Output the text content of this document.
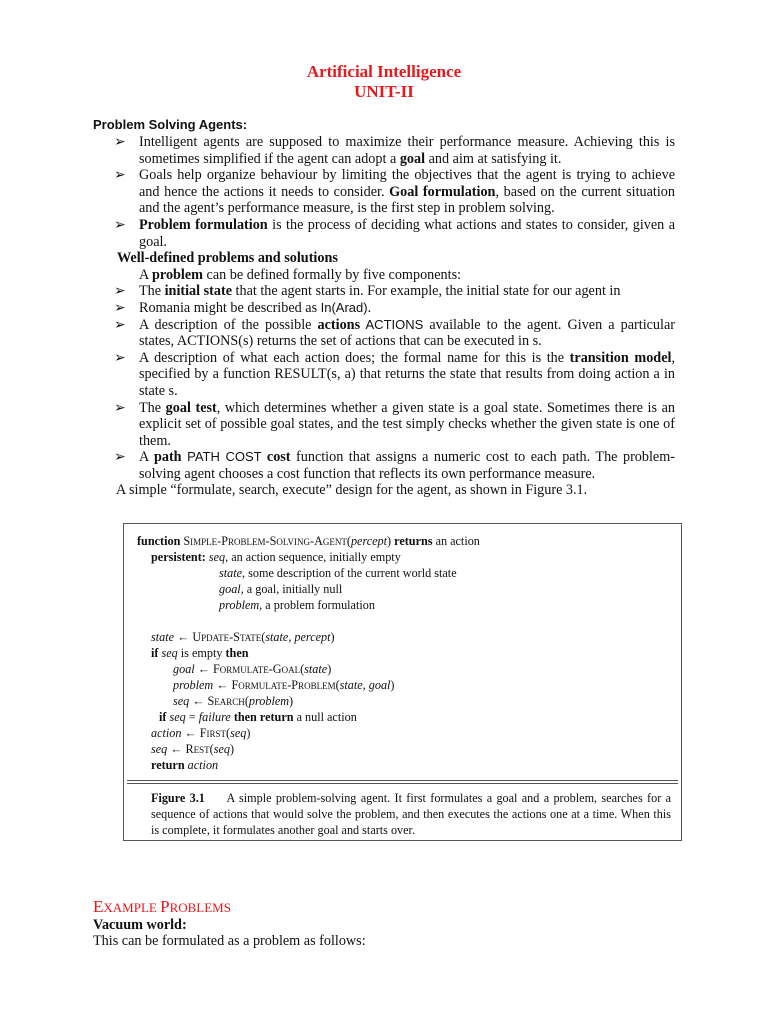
Artificial Intelligence
UNIT-II
Problem Solving Agents:
➢ Intelligent agents are supposed to maximize their performance measure. Achieving this is sometimes simplified if the agent can adopt a goal and aim at satisfying it.
➢ Goals help organize behaviour by limiting the objectives that the agent is trying to achieve and hence the actions it needs to consider. Goal formulation, based on the current situation and the agent’s performance measure, is the first step in problem solving.
➢ Problem formulation is the process of deciding what actions and states to consider, given a goal.
Well-defined problems and solutions
A problem can be defined formally by five components:
➢ The initial state that the agent starts in. For example, the initial state for our agent in
➢ Romania might be described as In(Arad).
➢ A description of the possible actions ACTIONS available to the agent. Given a particular states, ACTIONS(s) returns the set of actions that can be executed in s.
➢ A description of what each action does; the formal name for this is the transition model, specified by a function RESULT(s, a) that returns the state that results from doing action a in state s.
➢ The goal test, which determines whether a given state is a goal state. Sometimes there is an explicit set of possible goal states, and the test simply checks whether the given state is one of them.
➢ A path PATH COST cost function that assigns a numeric cost to each path. The problem-solving agent chooses a cost function that reflects its own performance measure.
A simple “formulate, search, execute” design for the agent, as shown in Figure 3.1.
function Simple-Problem-Solving-Agent(percept) returns an action
persistent: seq, an action sequence, initially empty
state, some description of the current world state
goal, a goal, initially null
problem, a problem formulation
state ← Update-State(state, percept)
if seq is empty then
goal ← Formulate-Goal(state)
problem ← Formulate-Problem(state, goal)
seq ← Search(problem)
if seq = failure then return a null action
action ← First(seq)
seq ← Rest(seq)
return action
Figure 3.1 A simple problem-solving agent. It first formulates a goal and a problem, searches for a sequence of actions that would solve the problem, and then executes the actions one at a time. When this is complete, it formulates another goal and starts over.
EXAMPLE PROBLEMS
Vacuum world:
This can be formulated as a problem as follows:
